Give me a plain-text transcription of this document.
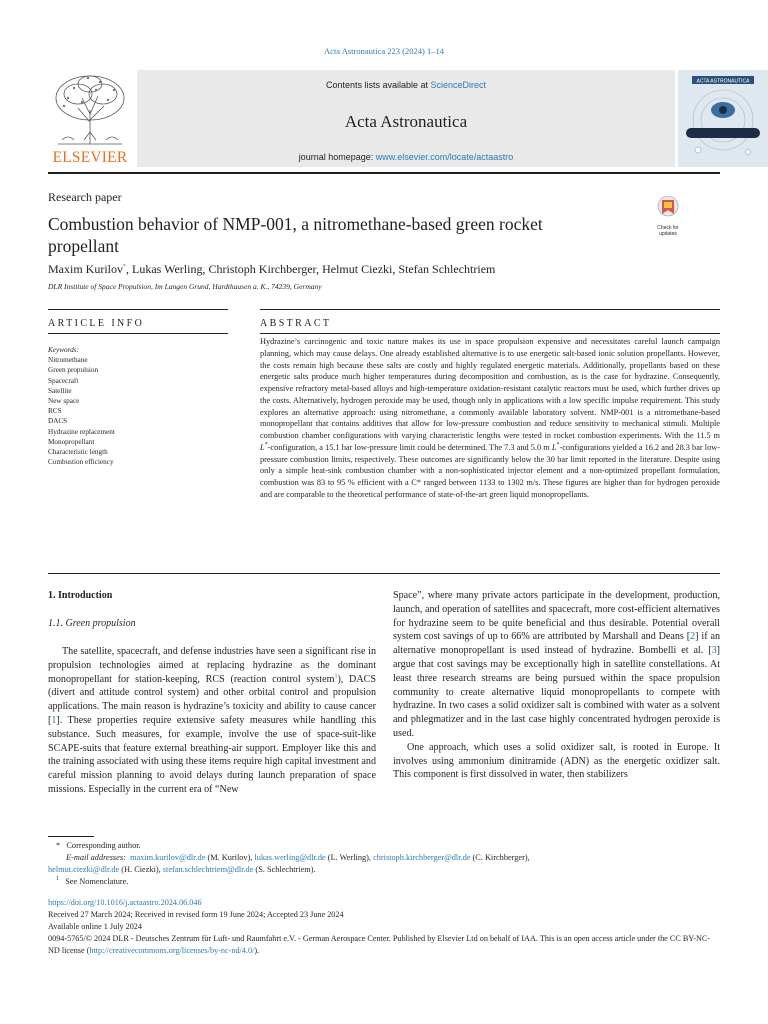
Acta Astronautica 223 (2024) 1–14
ELSEVIER
Contents lists available at ScienceDirect
Acta Astronautica
journal homepage: www.elsevier.com/locate/actaastro
ACTA ASTRONAUTICA
Research paper
Combustion behavior of NMP-001, a nitromethane-based green rocket propellant
Check for updates
Maxim Kurilov*, Lukas Werling, Christoph Kirchberger, Helmut Ciezki, Stefan Schlechtriem
DLR Institute of Space Propulsion, Im Langen Grund, Hardthausen a. K., 74239, Germany
ARTICLE INFO	ABSTRACT
Keywords:
Nitromethane
Green propulsion
Spacecraft
Satellite
New space
RCS
DACS
Hydrazine replacement
Monopropellant
Characteristic length
Combustion efficiency
Hydrazine’s carcinogenic and toxic nature makes its use in space propulsion expensive and necessitates careful launch campaign planning, which may cause delays. One already established alternative is to use energetic salt-based ionic solution propellants. However, the costs remain high because these salts are costly and highly regulated energetic materials. Additionally, propellants based on these energetic salts produce much higher temperatures during decomposition and combustion, as is the case for hydrazine. Consequently, expensive refractory metal-based alloys and high-temperature oxidation-resistant catalytic reactors must be used, which further drives up the costs. Alternatively, hydrogen peroxide may be used, though only in applications with a low specific impulse requirement. This study explores an alternative approach: using nitromethane, a commonly available laboratory solvent. NMP-001 is a nitromethane-based monopropellant that contains additives that allow for low-pressure combustion and reduce sensitivity to mechanical stimuli. Multiple combustion chamber configurations with varying characteristic lengths were tested in rocket combustion experiments. With the 11.5 m L*-configuration, a 15.1 bar low-pressure limit could be determined. The 7.3 and 5.0 m L*-configurations yielded a 16.2 and 28.3 bar low-pressure combustion limits, respectively. These outcomes are significantly below the 30 bar limit reported in the literature. Despite using only a simple heat-sink combustion chamber with a non-sophisticated injector element and a non-optimized propellant formulation, combustion was 83 to 95 % efficient with a C* ranged between 1133 to 1302 m/s. These figures are higher than for hydrogen peroxide and are comparable to the theoretical performance of state-of-the-art green liquid monopropellants.
1. Introduction
1.1. Green propulsion

The satellite, spacecraft, and defense industries have seen a significant rise in propulsion technologies aimed at replacing hydrazine as the dominant monopropellant for station-keeping, RCS (reaction control system$^1$), DACS (divert and attitude control system) and other orbital control and propulsion applications. The main reason is hydrazine’s toxicity and ability to cause cancer [1]. These properties require extensive safety measures while handling this substance. Such measures, for example, involve the use of space-suit-like SCAPE-suits that feature external breathing-air support. Employer like this and the training associated with using these items require high capital investment and careful mission planning to avoid delays during launch preparation of space missions. Especially in the current era of “New

Space”, where many private actors participate in the development, production, launch, and operation of satellites and spacecraft, more cost-efficient alternatives for hydrazine seem to be quite beneficial and thus desirable. Potential overall system cost savings of up to 66% are attributed by Marshall and Deans [2] if an alternative monopropellant is used instead of hydrazine. Bombelli et al. [3] argue that cost savings may be exceptionally high in satellite constellations. At least three research streams are being pursued within the space propulsion community to create alternative liquid monopropellants to compete with hydrazine. In two cases a solid oxidizer salt is combined with water as a solvent and phlegmatizer and in the last case highly concentrated hydrogen peroxide is used.

One approach, which uses a solid oxidizer salt, is rooted in Europe. It involves using ammonium dinitramide (ADN) as the energetic oxidizer salt. This component is first dissolved in water, then stabilizers

* Corresponding author.
E-mail addresses: maxim.kurilov@dlr.de (M. Kurilov), lukas.werling@dlr.de (L. Werling), christoph.kirchberger@dlr.de (C. Kirchberger),
helmut.ciezki@dlr.de (H. Ciezki), stefan.schlechtriem@dlr.de (S. Schlechtriem).
$^1$ See Nomenclature.
https://doi.org/10.1016/j.actaastro.2024.06.046
Received 27 March 2024; Received in revised form 19 June 2024; Accepted 23 June 2024
Available online 1 July 2024
0094-5765/© 2024 DLR - Deutsches Zentrum für Luft- und Raumfahrt e.V. - German Aerospace Center. Published by Elsevier Ltd on behalf of IAA. This is an open access article under the CC BY-NC-ND license (http://creativecommons.org/licenses/by-nc-nd/4.0/).
